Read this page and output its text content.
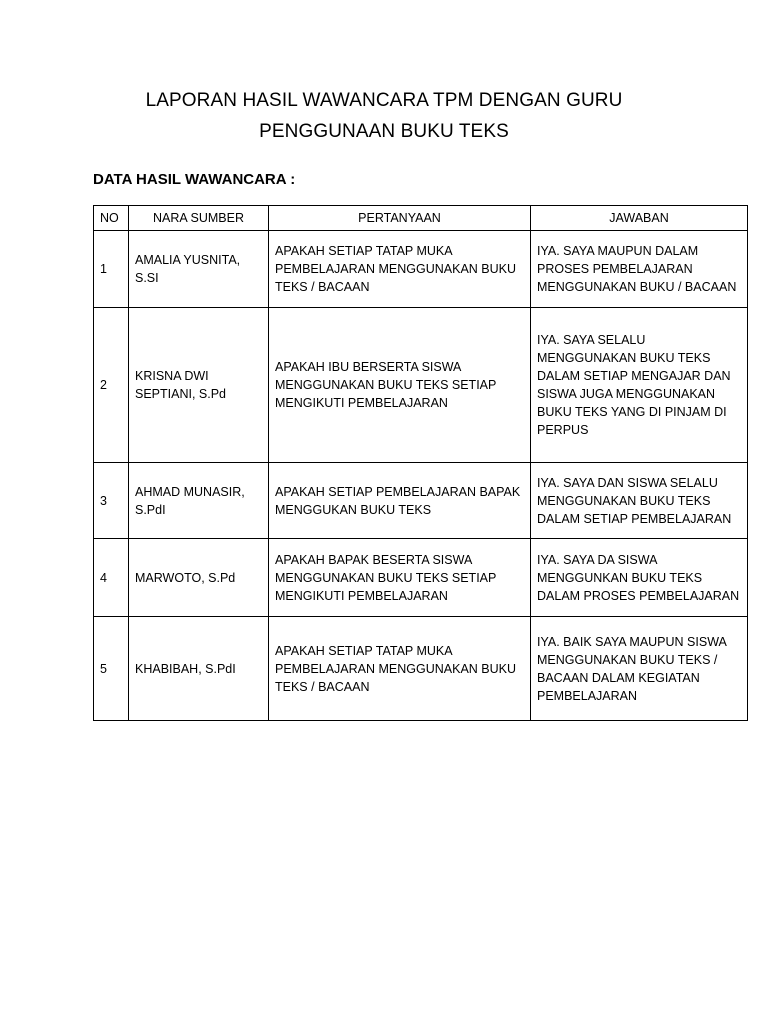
LAPORAN HASIL WAWANCARA TPM DENGAN GURU
PENGGUNAAN BUKU TEKS
DATA HASIL WAWANCARA :
NO	NARA SUMBER	PERTANYAAN	JAWABAN
1	AMALIA YUSNITA, S.SI	APAKAH SETIAP TATAP MUKA PEMBELAJARAN MENGGUNAKAN BUKU TEKS / BACAAN	IYA. SAYA MAUPUN DALAM PROSES PEMBELAJARAN MENGGUNAKAN BUKU / BACAAN
2	KRISNA DWI SEPTIANI, S.Pd	APAKAH IBU BERSERTA SISWA MENGGUNAKAN BUKU TEKS SETIAP MENGIKUTI PEMBELAJARAN	IYA. SAYA SELALU MENGGUNAKAN BUKU TEKS DALAM SETIAP MENGAJAR DAN SISWA JUGA MENGGUNAKAN BUKU TEKS YANG DI PINJAM DI PERPUS
3	AHMAD MUNASIR, S.PdI	APAKAH SETIAP PEMBELAJARAN BAPAK MENGGUKAN BUKU TEKS	IYA. SAYA DAN SISWA SELALU MENGGUNAKAN BUKU TEKS DALAM SETIAP PEMBELAJARAN
4	MARWOTO, S.Pd	APAKAH BAPAK BESERTA SISWA MENGGUNAKAN BUKU TEKS SETIAP MENGIKUTI PEMBELAJARAN	IYA. SAYA DA SISWA MENGGUNKAN BUKU TEKS DALAM PROSES PEMBELAJARAN
5	KHABIBAH, S.PdI	APAKAH SETIAP TATAP MUKA PEMBELAJARAN MENGGUNAKAN BUKU TEKS / BACAAN	IYA. BAIK SAYA MAUPUN SISWA MENGGUNAKAN BUKU TEKS / BACAAN DALAM KEGIATAN PEMBELAJARAN
